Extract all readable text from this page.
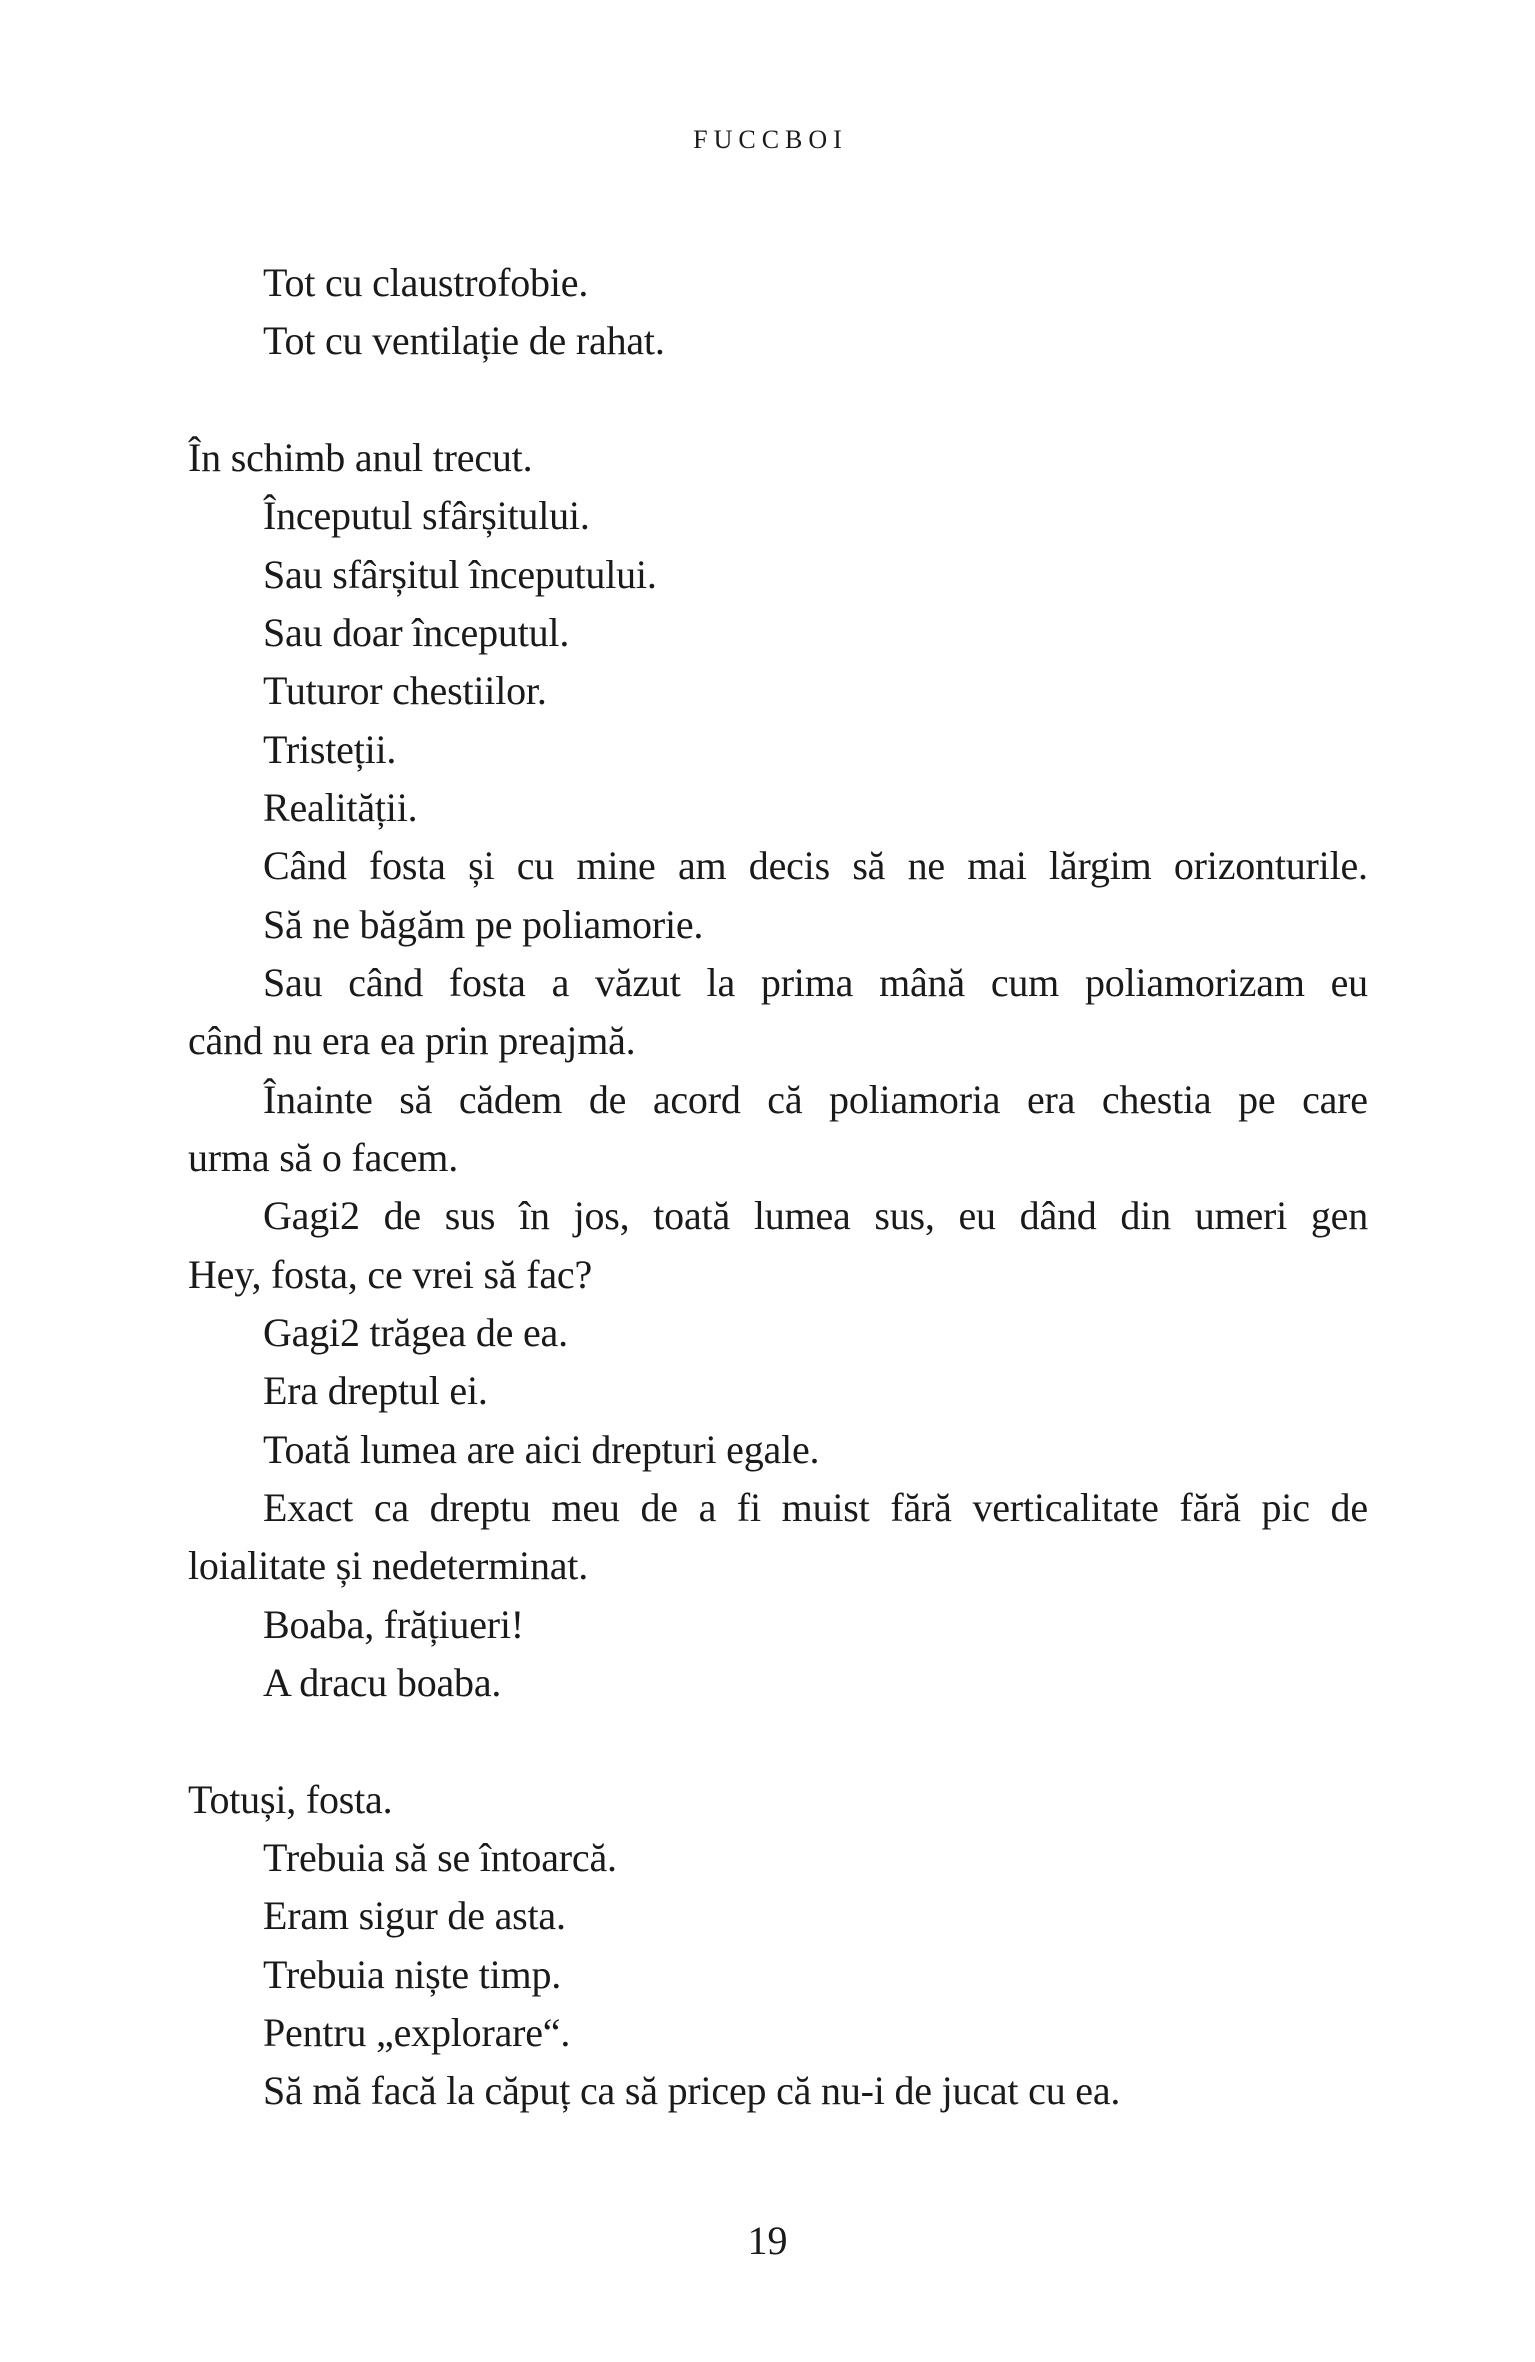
FUCCBOI
Tot cu claustrofobie.
Tot cu ventilație de rahat.
În schimb anul trecut.
Începutul sfârșitului.
Sau sfârșitul începutului.
Sau doar începutul.
Tuturor chestiilor.
Tristeții.
Realității.
Când fosta și cu mine am decis să ne mai lărgim orizonturile.
Să ne băgăm pe poliamorie.
Sau când fosta a văzut la prima mână cum poliamorizam eu
când nu era ea prin preajmă.
Înainte să cădem de acord că poliamoria era chestia pe care
urma să o facem.
Gagi2 de sus în jos, toată lumea sus, eu dând din umeri gen
Hey, fosta, ce vrei să fac?
Gagi2 trăgea de ea.
Era dreptul ei.
Toată lumea are aici drepturi egale.
Exact ca dreptu meu de a fi muist fără verticalitate fără pic de
loialitate și nedeterminat.
Boaba, frățiueri!
A dracu boaba.
Totuși, fosta.
Trebuia să se întoarcă.
Eram sigur de asta.
Trebuia niște timp.
Pentru „explorare“.
Să mă facă la căpuț ca să pricep că nu-i de jucat cu ea.
19
